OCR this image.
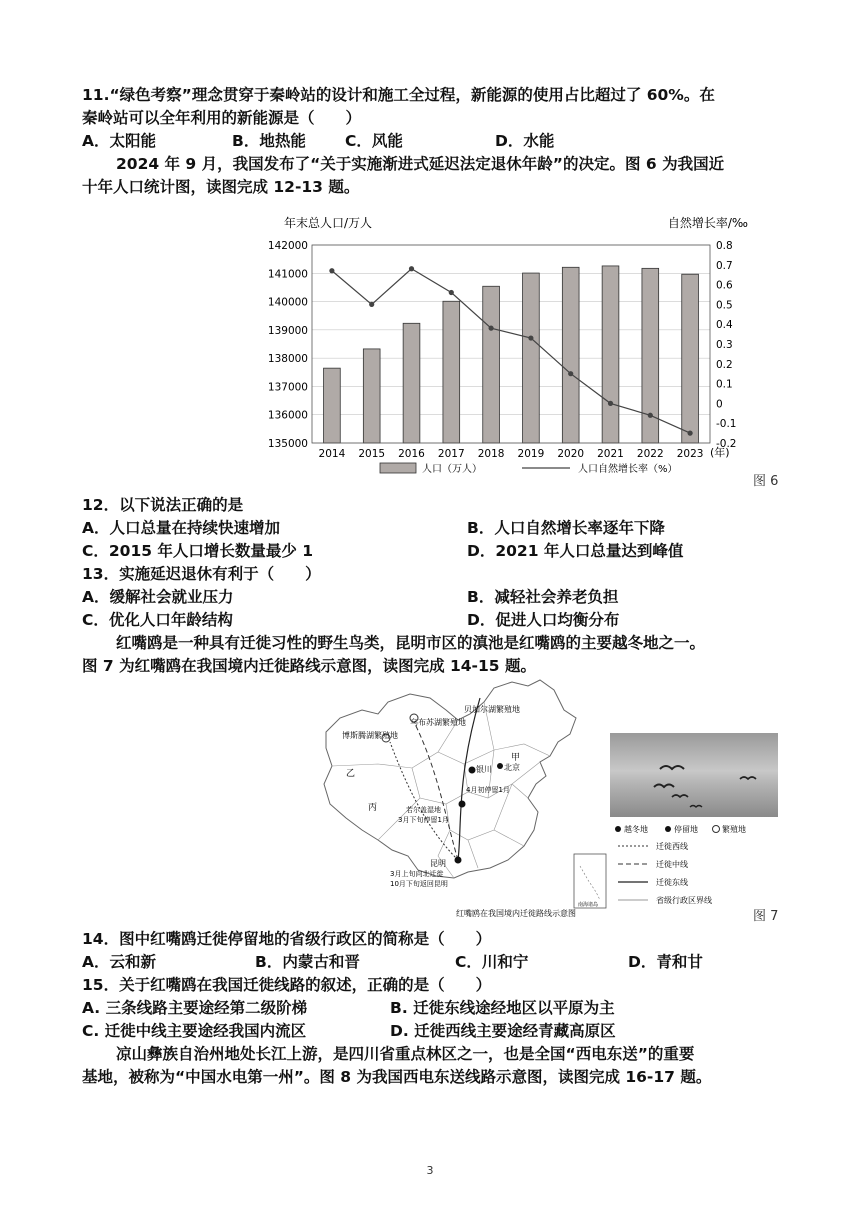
11.“绿色考察”理念贯穿于秦岭站的设计和施工全过程，新能源的使用占比超过了 60%。在
秦岭站可以全年利用的新能源是（　　）
A．太阳能	B．地热能	C．风能	D．水能
2024 年 9 月，我国发布了“关于实施渐进式延迟法定退休年龄”的决定。图 6 为我国近
十年人口统计图，读图完成 12-13 题。
年末总人口/万人	自然增长率/‰
142000
141000
140000
139000
138000
137000
136000
135000
0.8
0.7
0.6
0.5
0.4
0.3
0.2
0.1
0
-0.1
-0.2
2014 2015 2016 2017 2018 2019 2020 2021 2022 2023 (年)
人口（万人）	人口自然增长率（%）
图 6
12．以下说法正确的是
A．人口总量在持续快速增加	B．人口自然增长率逐年下降
C．2015 年人口增长数量最少 1	D．2021 年人口总量达到峰值
13．实施延迟退休有利于（　　）
A．缓解社会就业压力	B．减轻社会养老负担
C．优化人口年龄结构	D．促进人口均衡分布
红嘴鸥是一种具有迁徙习性的野生鸟类，昆明市区的滇池是红嘴鸥的主要越冬地之一。
图 7 为红嘴鸥在我国境内迁徙路线示意图，读图完成 14-15 题。
贝加尔湖繁殖地
乌布苏湖繁殖地
博斯腾湖繁殖地
甲
乙
丙
北京
银川
4月初停留1月
若尔盖湿地
3月下旬停留1月
昆明
3月上旬向北迁徙
10月下旬返回昆明
南海诸岛
红嘴鸥在我国境内迁徙路线示意图
越冬地	停留地	繁殖地
迁徙西线
迁徙中线
迁徙东线
省级行政区界线
图 7
14．图中红嘴鸥迁徙停留地的省级行政区的简称是（　　）
A．云和新	B．内蒙古和晋	C．川和宁	D．青和甘
15．关于红嘴鸥在我国迁徙线路的叙述，正确的是（　　）
A. 三条线路主要途经第二级阶梯	B. 迁徙东线途经地区以平原为主
C. 迁徙中线主要途经我国内流区	D. 迁徙西线主要途经青藏高原区
凉山彝族自治州地处长江上游，是四川省重点林区之一，也是全国“西电东送”的重要
基地，被称为“中国水电第一州”。图 8 为我国西电东送线路示意图，读图完成 16-17 题。
3
